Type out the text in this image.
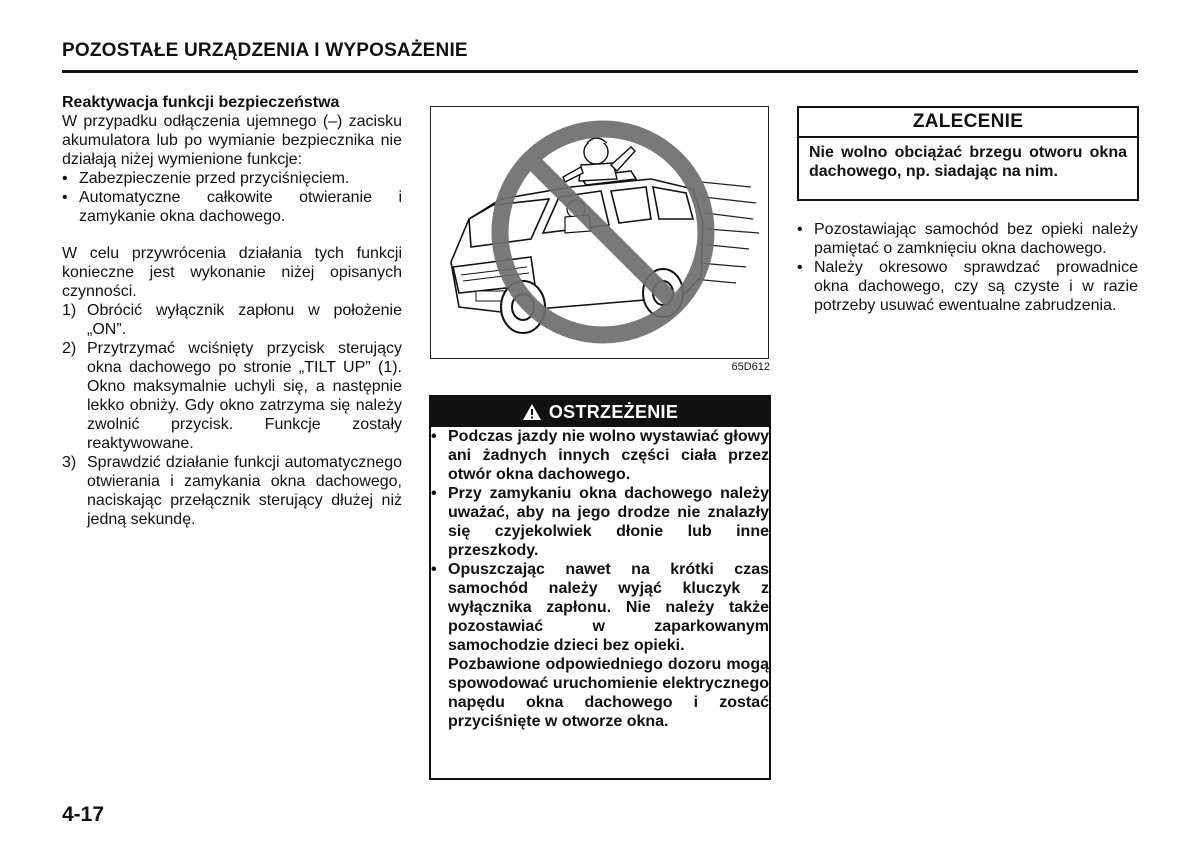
POZOSTAŁE URZĄDZENIA I WYPOSAŻENIE

Reaktywacja funkcji bezpieczeństwa

W przypadku odłączenia ujemnego (–) zacisku akumulatora lub po wymianie bezpiecznika nie działają niżej wymienione funkcje:

• Zabezpieczenie przed przyciśnięciem.
• Automatyczne całkowite otwieranie i zamykanie okna dachowego.

W celu przywrócenia działania tych funkcji konieczne jest wykonanie niżej opisanych czynności.

1) Obrócić wyłącznik zapłonu w położenie „ON”.
2) Przytrzymać wciśnięty przycisk sterujący okna dachowego po stronie „TILT UP” (1). Okno maksymalnie uchyli się, a następnie lekko obniży. Gdy okno zatrzyma się należy zwolnić przycisk. Funkcje zostały reaktywowane.
3) Sprawdzić działanie funkcji automatycznego otwierania i zamykania okna dachowego, naciskając przełącznik sterujący dłużej niż jedną sekundę.
65D612
OSTRZEŻENIE
• Podczas jazdy nie wolno wystawiać głowy ani żadnych innych części ciała przez otwór okna dachowego.
• Przy zamykaniu okna dachowego należy uważać, aby na jego drodze nie znalazły się czyjekolwiek dłonie lub inne przeszkody.
• Opuszczając nawet na krótki czas samochód należy wyjąć kluczyk z wyłącznika zapłonu. Nie należy także pozostawiać w zaparkowanym samochodzie dzieci bez opieki.
Pozbawione odpowiedniego dozoru mogą spowodować uruchomienie elektrycznego napędu okna dachowego i zostać przyciśnięte w otworze okna.
ZALECENIE
Nie wolno obciążać brzegu otworu okna dachowego, np. siadając na nim.
• Pozostawiając samochód bez opieki należy pamiętać o zamknięciu okna dachowego.
• Należy okresowo sprawdzać prowadnice okna dachowego, czy są czyste i w razie potrzeby usuwać ewentualne zabrudzenia.
4-17
